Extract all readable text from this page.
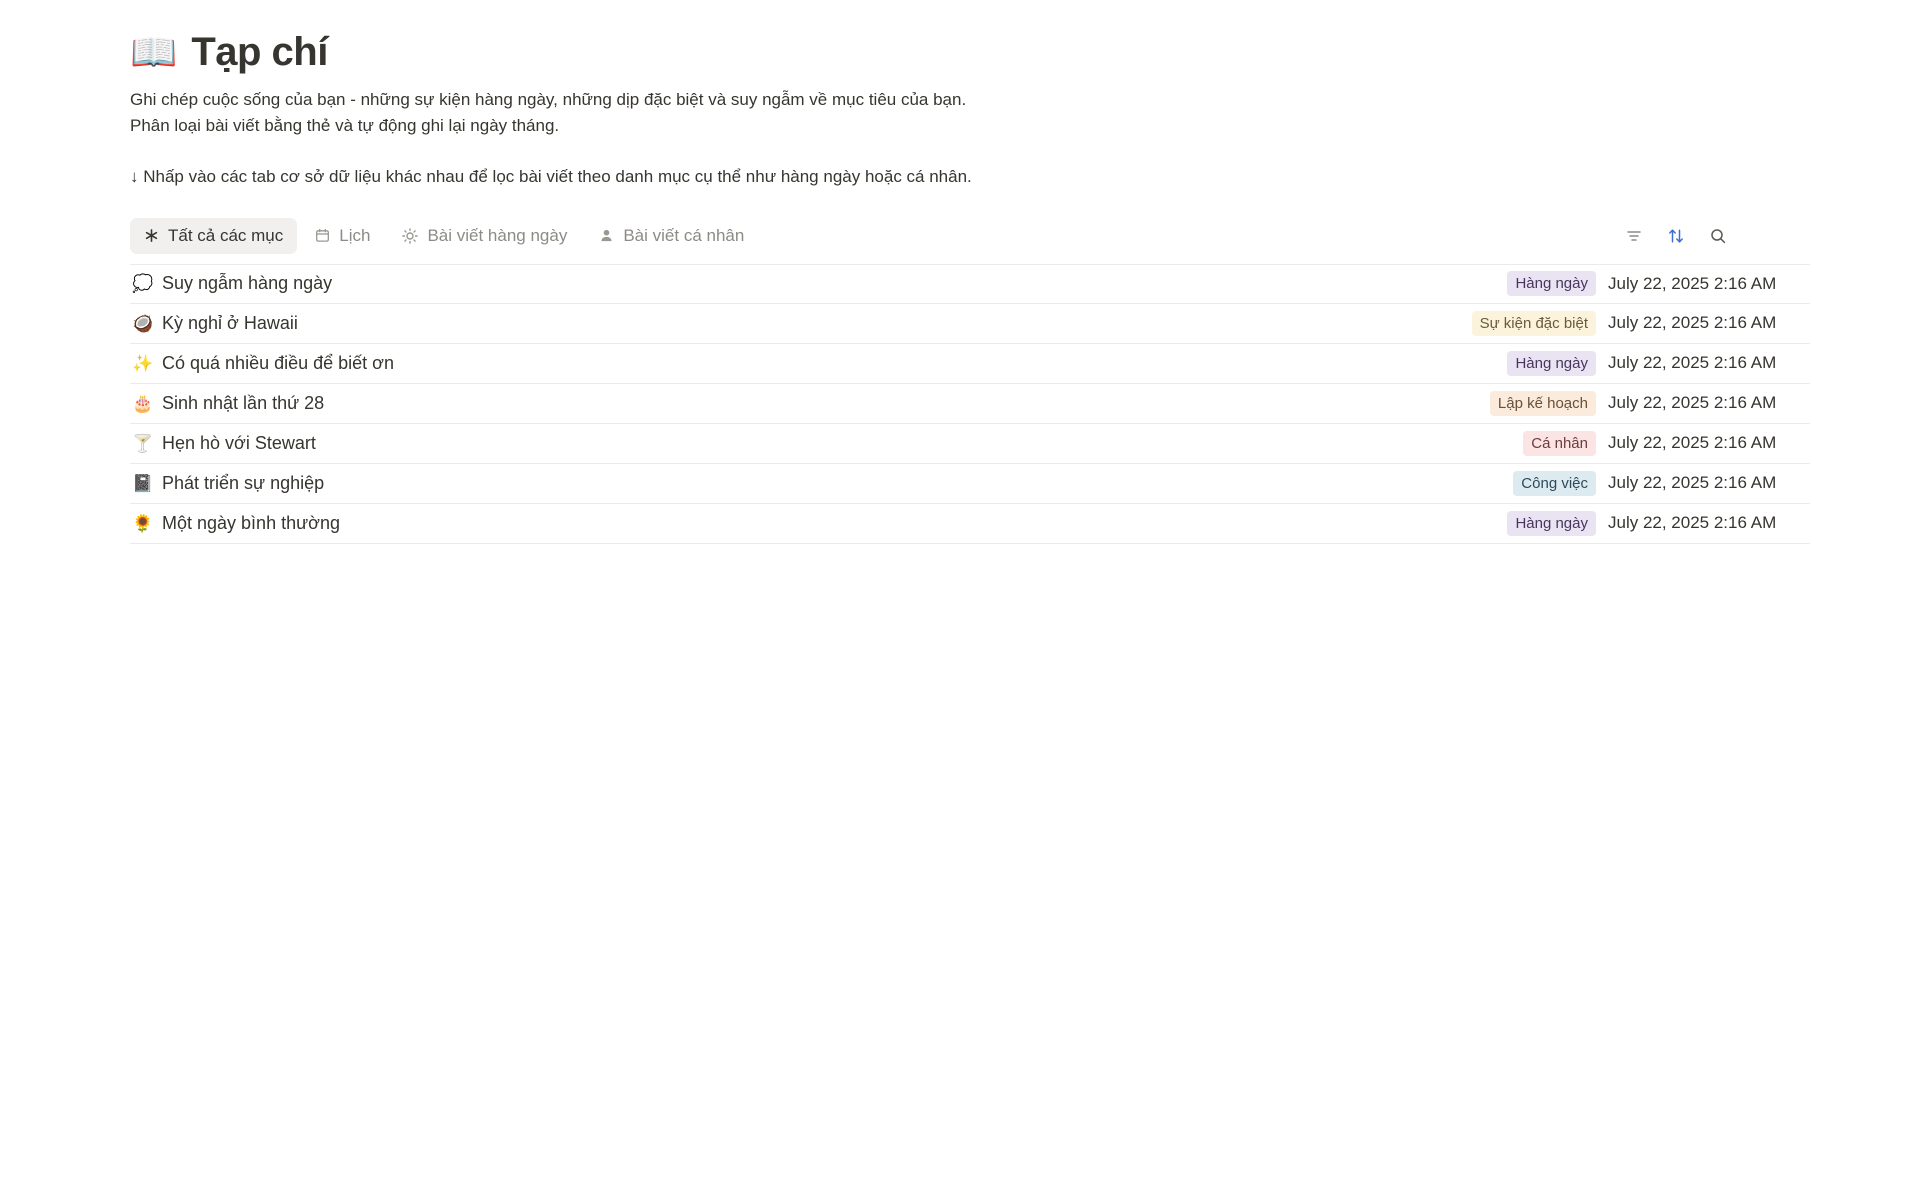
📖 Tạp chí

Ghi chép cuộc sống của bạn - những sự kiện hàng ngày, những dịp đặc biệt và suy ngẫm về mục tiêu của bạn.

Phân loại bài viết bằng thẻ và tự động ghi lại ngày tháng.

↓ Nhấp vào các tab cơ sở dữ liệu khác nhau để lọc bài viết theo danh mục cụ thể như hàng ngày hoặc cá nhân.

Tất cả các mục	Lịch	Bài viết hàng ngày	Bài viết cá nhân
💭 Suy ngẫm hàng ngày	Hàng ngày	July 22, 2025 2:16 AM
🥥 Kỳ nghỉ ở Hawaii	Sự kiện đặc biệt	July 22, 2025 2:16 AM
✨ Có quá nhiều điều để biết ơn	Hàng ngày	July 22, 2025 2:16 AM
🎂 Sinh nhật lần thứ 28	Lập kế hoạch	July 22, 2025 2:16 AM
🍸 Hẹn hò với Stewart	Cá nhân	July 22, 2025 2:16 AM
📓 Phát triển sự nghiệp	Công việc	July 22, 2025 2:16 AM
🌻 Một ngày bình thường	Hàng ngày	July 22, 2025 2:16 AM
